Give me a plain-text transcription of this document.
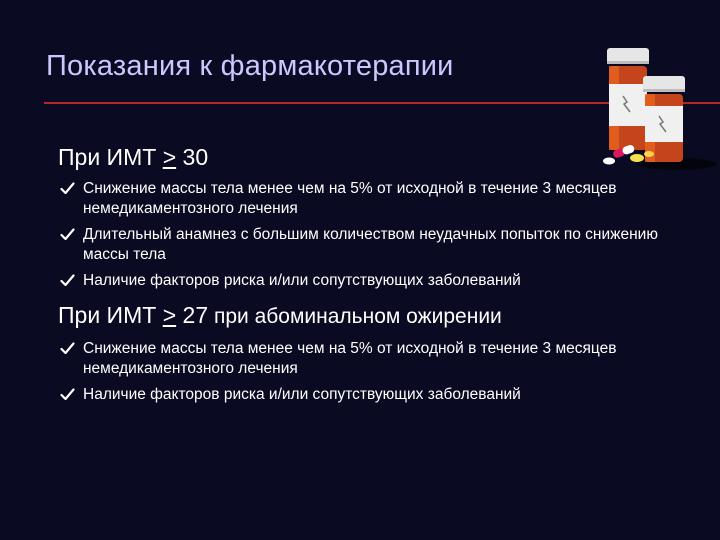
Показания к фармакотерапии

При ИМТ ≥ 30

Снижение массы тела менее чем на 5% от исходной в течение 3 месяцев немедикаментозного лечения
Длительный анамнез с большим количеством неудачных попыток по снижению массы тела
Наличие факторов риска и/или сопутствующих заболеваний

При ИМТ ≥ 27 при абоминальном ожирении

Снижение массы тела менее чем на 5% от исходной в течение 3 месяцев немедикаментозного лечения
Наличие факторов риска и/или сопутствующих заболеваний
